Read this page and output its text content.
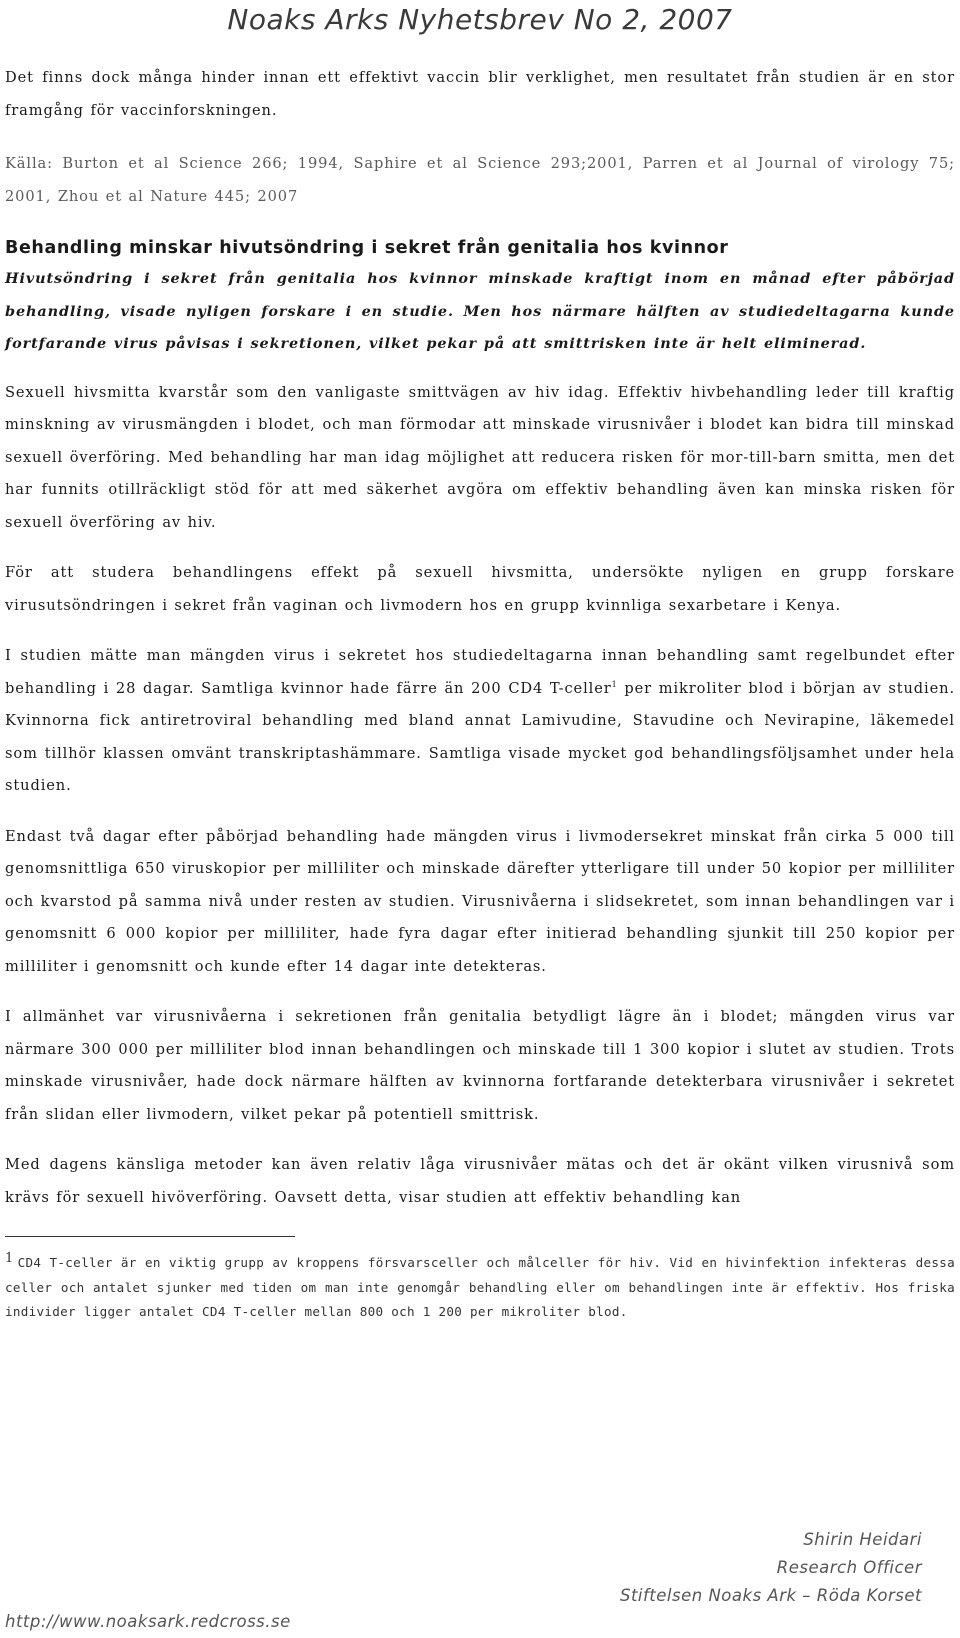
Noaks Arks Nyhetsbrev No 2, 2007

Det finns dock många hinder innan ett effektivt vaccin blir verklighet, men resultatet från studien är en stor framgång för vaccinforskningen.

Källa: Burton et al Science 266; 1994, Saphire et al Science 293;2001, Parren et al Journal of virology 75; 2001, Zhou et al Nature 445; 2007

Behandling minskar hivutsöndring i sekret från genitalia hos kvinnor

Hivutsöndring i sekret från genitalia hos kvinnor minskade kraftigt inom en månad efter påbörjad behandling, visade nyligen forskare i en studie. Men hos närmare hälften av studiedeltagarna kunde fortfarande virus påvisas i sekretionen, vilket pekar på att smittrisken inte är helt eliminerad.

Sexuell hivsmitta kvarstår som den vanligaste smittvägen av hiv idag. Effektiv hivbehandling leder till kraftig minskning av virusmängden i blodet, och man förmodar att minskade virusnivåer i blodet kan bidra till minskad sexuell överföring. Med behandling har man idag möjlighet att reducera risken för mor-till-barn smitta, men det har funnits otillräckligt stöd för att med säkerhet avgöra om effektiv behandling även kan minska risken för sexuell överföring av hiv.

För att studera behandlingens effekt på sexuell hivsmitta, undersökte nyligen en grupp forskare virusutsöndringen i sekret från vaginan och livmodern hos en grupp kvinnliga sexarbetare i Kenya.

I studien mätte man mängden virus i sekretet hos studiedeltagarna innan behandling samt regelbundet efter behandling i 28 dagar. Samtliga kvinnor hade färre än 200 CD4 T-celler$^1$ per mikroliter blod i början av studien. Kvinnorna fick antiretroviral behandling med bland annat Lamivudine, Stavudine och Nevirapine, läkemedel som tillhör klassen omvänt transkriptashämmare. Samtliga visade mycket god behandlingsföljsamhet under hela studien.

Endast två dagar efter påbörjad behandling hade mängden virus i livmodersekret minskat från cirka 5 000 till genomsnittliga 650 viruskopior per milliliter och minskade därefter ytterligare till under 50 kopior per milliliter och kvarstod på samma nivå under resten av studien. Virusnivåerna i slidsekretet, som innan behandlingen var i genomsnitt 6 000 kopior per milliliter, hade fyra dagar efter initierad behandling sjunkit till 250 kopior per milliliter i genomsnitt och kunde efter 14 dagar inte detekteras.

I allmänhet var virusnivåerna i sekretionen från genitalia betydligt lägre än i blodet; mängden virus var närmare 300 000 per milliliter blod innan behandlingen och minskade till 1 300 kopior i slutet av studien. Trots minskade virusnivåer, hade dock närmare hälften av kvinnorna fortfarande detekterbara virusnivåer i sekretet från slidan eller livmodern, vilket pekar på potentiell smittrisk.

Med dagens känsliga metoder kan även relativ låga virusnivåer mätas och det är okänt vilken virusnivå som krävs för sexuell hivöverföring. Oavsett detta, visar studien att effektiv behandling kan

1 CD4 T-celler är en viktig grupp av kroppens försvarsceller och målceller för hiv. Vid en hivinfektion infekteras dessa celler och antalet sjunker med tiden om man inte genomgår behandling eller om behandlingen inte är effektiv. Hos friska individer ligger antalet CD4 T-celler mellan 800 och 1 200 per mikroliter blod.

Shirin Heidari
Research Officer
Stiftelsen Noaks Ark – Röda Korset
http://www.noaksark.redcross.se
